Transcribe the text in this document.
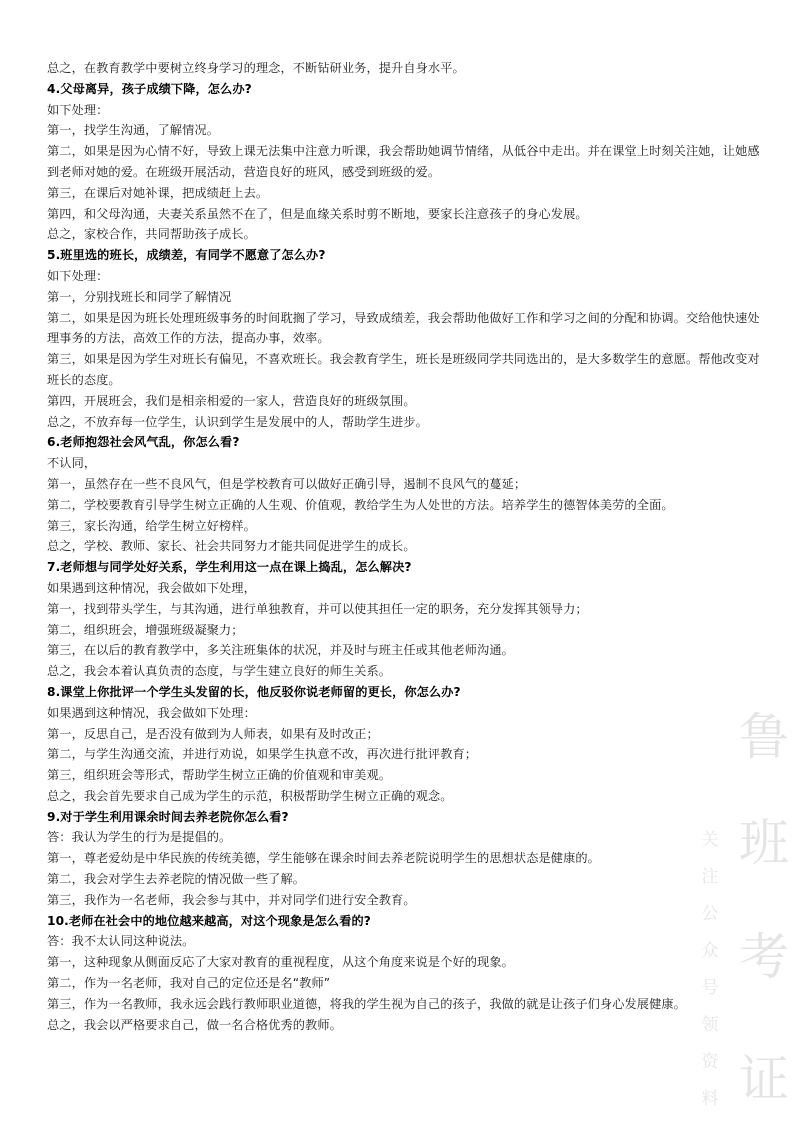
总之，在教育教学中要树立终身学习的理念，不断钻研业务，提升自身水平。

4.父母离异，孩子成绩下降，怎么办?

如下处理：

第一，找学生沟通，了解情况。

第二，如果是因为心情不好，导致上课无法集中注意力听课，我会帮助她调节情绪，从低谷中走出。并在课堂上时刻关注她，让她感到老师对她的爱。在班级开展活动，营造良好的班风，感受到班级的爱。

第三，在课后对她补课，把成绩赶上去。

第四，和父母沟通，夫妻关系虽然不在了，但是血缘关系时剪不断地，要家长注意孩子的身心发展。

总之，家校合作，共同帮助孩子成长。

5.班里选的班长，成绩差，有同学不愿意了怎么办?

如下处理：

第一，分别找班长和同学了解情况

第二，如果是因为班长处理班级事务的时间耽搁了学习，导致成绩差，我会帮助他做好工作和学习之间的分配和协调。交给他快速处理事务的方法，高效工作的方法，提高办事，效率。

第三，如果是因为学生对班长有偏见，不喜欢班长。我会教育学生，班长是班级同学共同选出的，是大多数学生的意愿。帮他改变对班长的态度。

第四，开展班会，我们是相亲相爱的一家人，营造良好的班级氛围。

总之，不放弃每一位学生，认识到学生是发展中的人，帮助学生进步。

6.老师抱怨社会风气乱，你怎么看?

不认同，

第一，虽然存在一些不良风气，但是学校教育可以做好正确引导，遏制不良风气的蔓延；

第二，学校要教育引导学生树立正确的人生观、价值观，教给学生为人处世的方法。培养学生的德智体美劳的全面。

第三，家长沟通，给学生树立好榜样。

总之，学校、教师、家长、社会共同努力才能共同促进学生的成长。

7.老师想与同学处好关系，学生利用这一点在课上捣乱，怎么解决?

如果遇到这种情况，我会做如下处理，

第一，找到带头学生，与其沟通，进行单独教育，并可以使其担任一定的职务，充分发挥其领导力；

第二，组织班会，增强班级凝聚力；

第三，在以后的教育教学中，多关注班集体的状况，并及时与班主任或其他老师沟通。

总之，我会本着认真负责的态度，与学生建立良好的师生关系。

8.课堂上你批评一个学生头发留的长，他反驳你说老师留的更长，你怎么办?

如果遇到这种情况，我会做如下处理：

第一，反思自己，是否没有做到为人师表，如果有及时改正；

第二，与学生沟通交流，并进行劝说，如果学生执意不改，再次进行批评教育；

第三，组织班会等形式，帮助学生树立正确的价值观和审美观。

总之，我会首先要求自己成为学生的示范，积极帮助学生树立正确的观念。

9.对于学生利用课余时间去养老院你怎么看?

答：我认为学生的行为是提倡的。

第一，尊老爱幼是中华民族的传统美德，学生能够在课余时间去养老院说明学生的思想状态是健康的。

第二，我会对学生去养老院的情况做一些了解。

第三，我作为一名老师，我会参与其中，并对同学们进行安全教育。

10.老师在社会中的地位越来越高，对这个现象是怎么看的?

答：我不太认同这种说法。

第一，这种现象从侧面反応了大家对教育的重视程度，从这个角度来说是个好的现象。

第二，作为一名老师，我对自己的定位还是名“教师”

第三，作为一名教师，我永远会践行教师职业道德，将我的学生视为自己的孩子，我做的就是让孩子们身心发展健康。

总之，我会以严格要求自己，做一名合格优秀的教师。

鲁
班
考
证
关注公众号领资料
